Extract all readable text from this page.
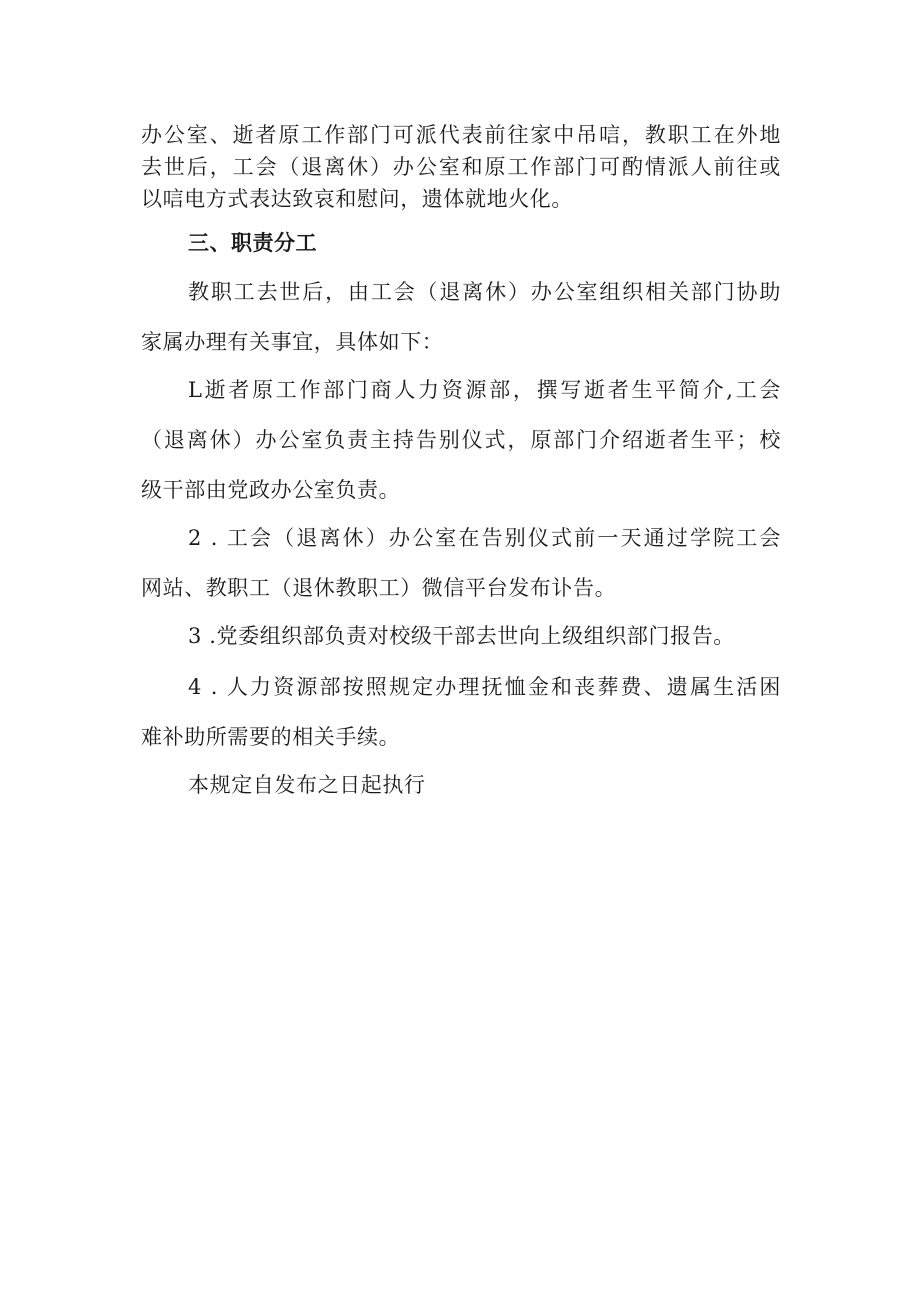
办公室、逝者原工作部门可派代表前往家中吊唁，教职工在外地
去世后，工会（退离休）办公室和原工作部门可酌情派人前往或
以唁电方式表达致哀和慰问，遗体就地火化。
三、职责分工
教职工去世后，由工会（退离休）办公室组织相关部门协助
家属办理有关事宜，具体如下：
L逝者原工作部门商人力资源部，撰写逝者生平简介,工会
（退离休）办公室负责主持告别仪式，原部门介绍逝者生平；校
级干部由党政办公室负责。
2 . 工会（退离休）办公室在告别仪式前一天通过学院工会
网站、教职工（退休教职工）微信平台发布讣告。
3 .党委组织部负责对校级干部去世向上级组织部门报告。
4 . 人力资源部按照规定办理抚恤金和丧葬费、遗属生活困
难补助所需要的相关手续。
本规定自发布之日起执行
